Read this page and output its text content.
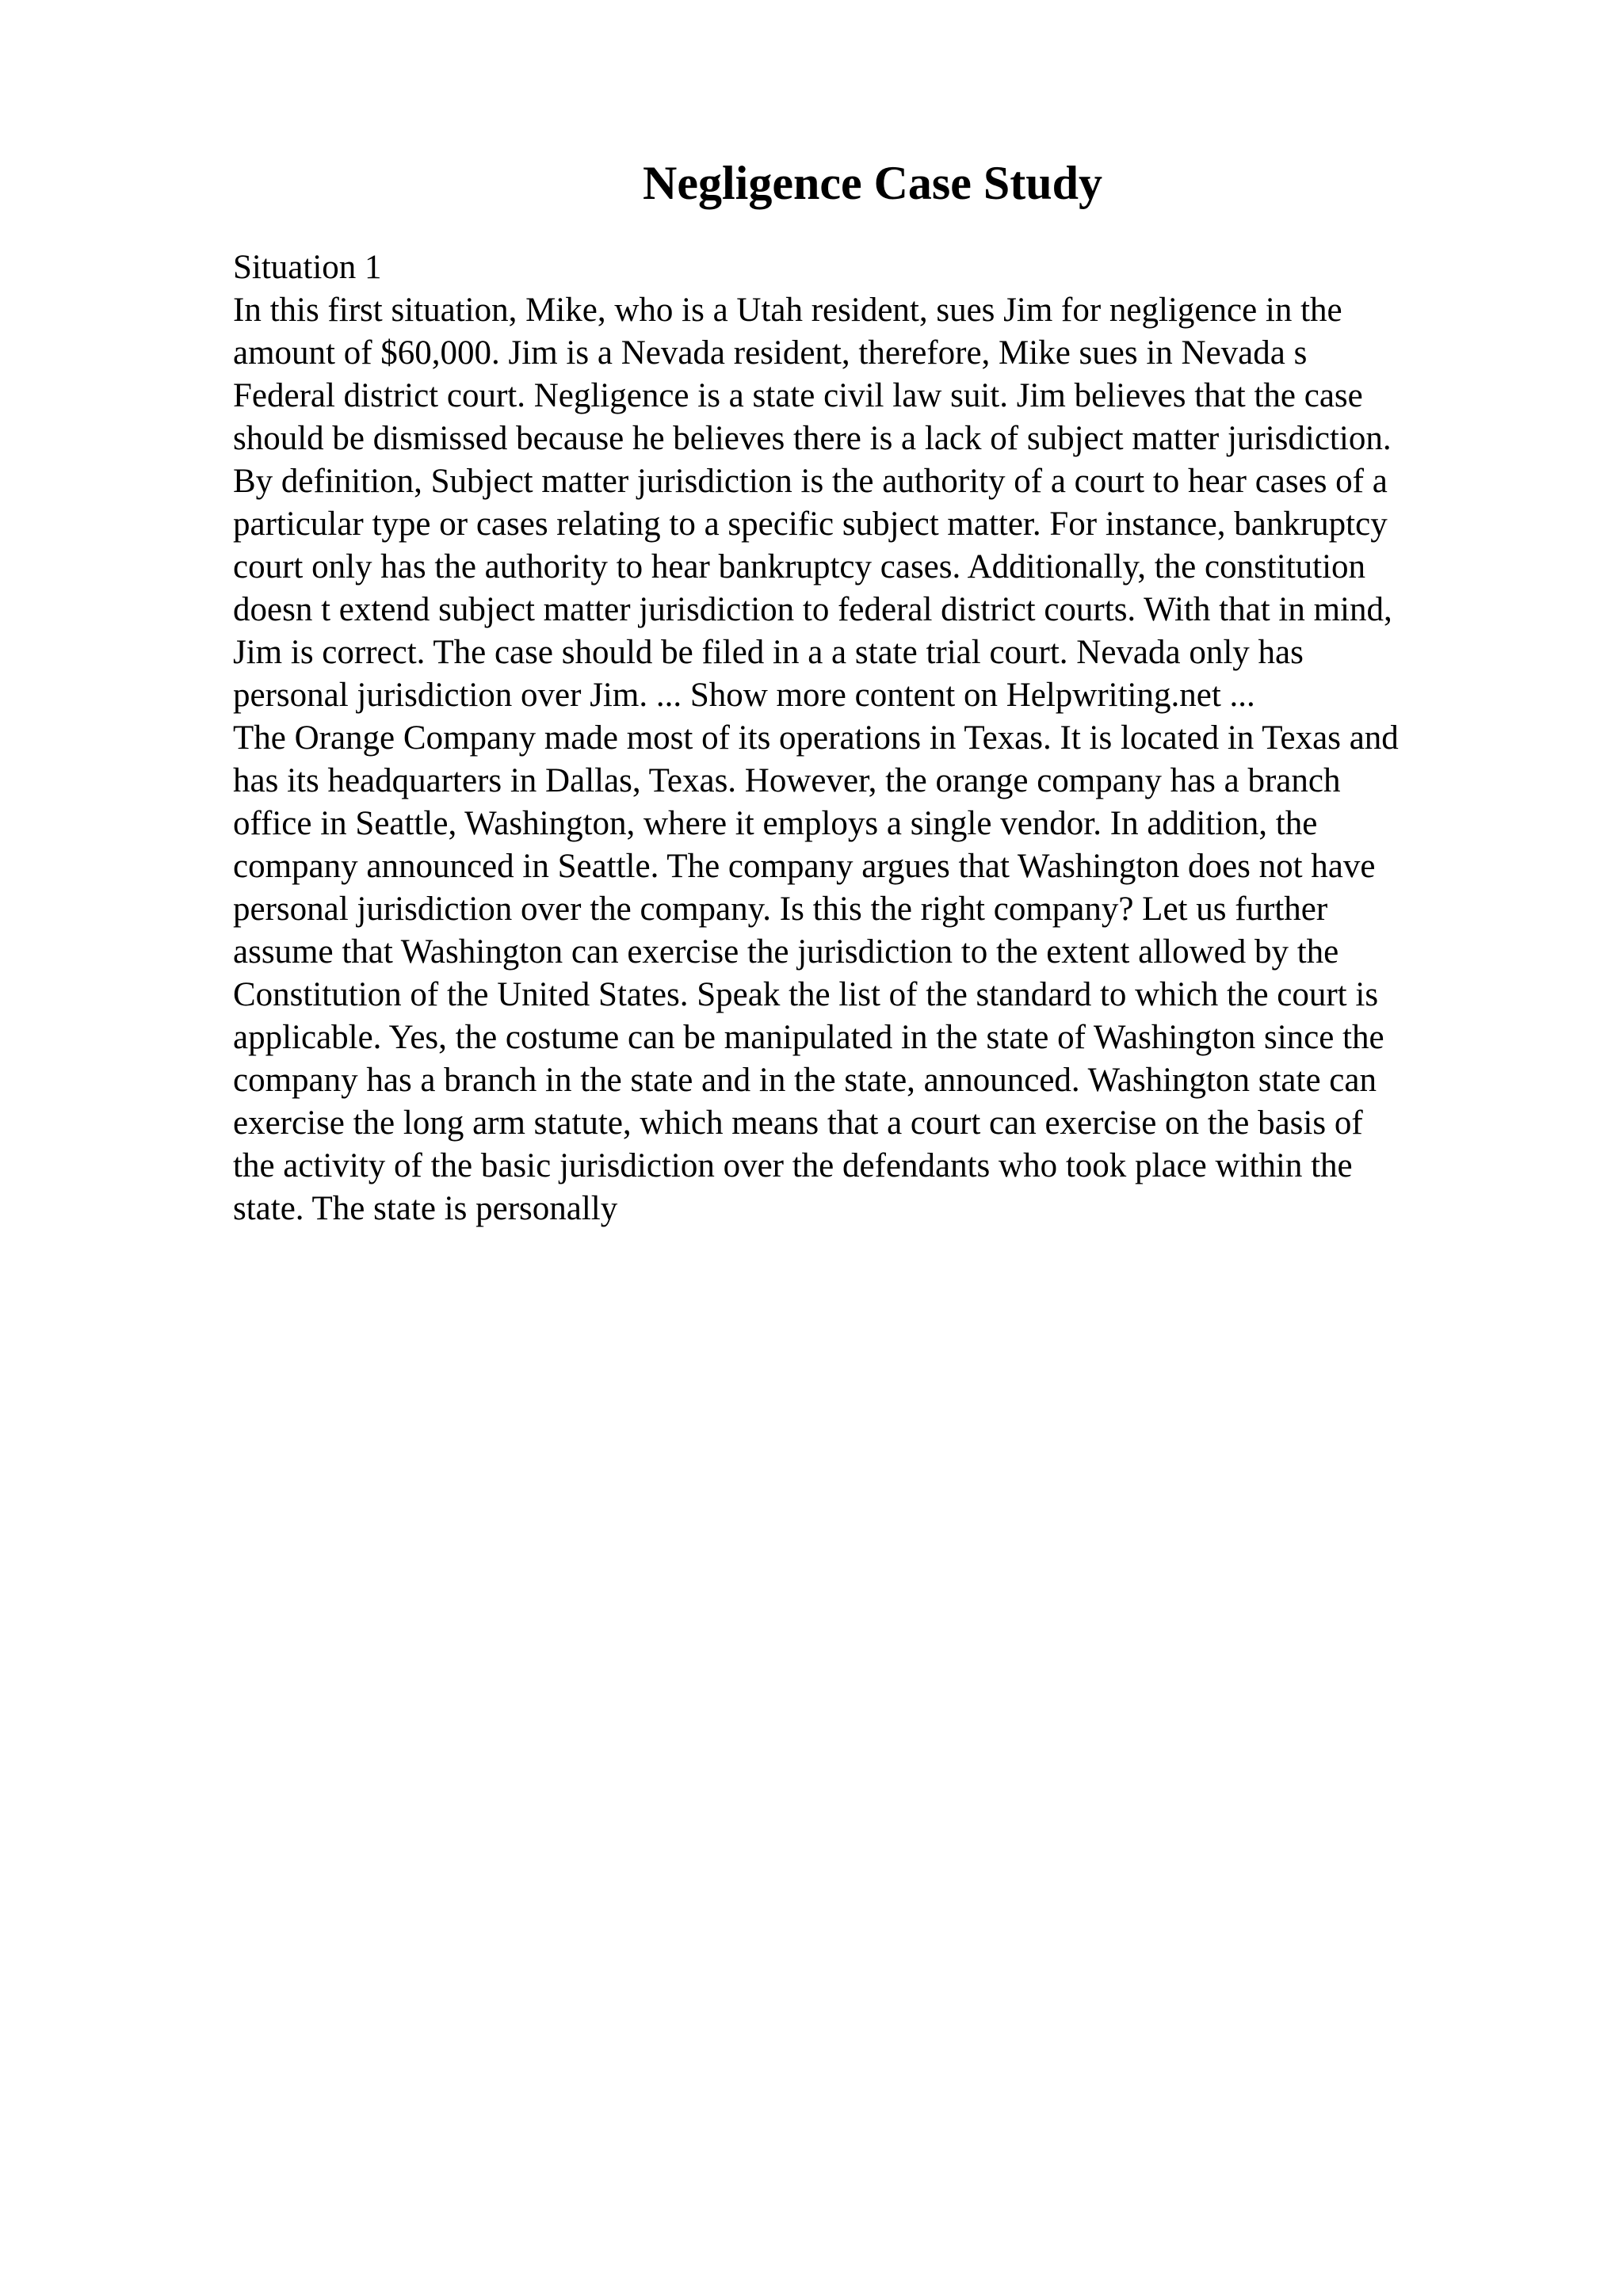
Negligence Case Study
Situation 1
In this first situation, Mike, who is a Utah resident, sues Jim for negligence in the
amount of $60,000. Jim is a Nevada resident, therefore, Mike sues in Nevada s
Federal district court. Negligence is a state civil law suit. Jim believes that the case
should be dismissed because he believes there is a lack of subject matter jurisdiction.
By definition, Subject matter jurisdiction is the authority of a court to hear cases of a
particular type or cases relating to a specific subject matter. For instance, bankruptcy
court only has the authority to hear bankruptcy cases. Additionally, the constitution
doesn t extend subject matter jurisdiction to federal district courts. With that in mind,
Jim is correct. The case should be filed in a a state trial court. Nevada only has
personal jurisdiction over Jim. ... Show more content on Helpwriting.net ...
The Orange Company made most of its operations in Texas. It is located in Texas and
has its headquarters in Dallas, Texas. However, the orange company has a branch
office in Seattle, Washington, where it employs a single vendor. In addition, the
company announced in Seattle. The company argues that Washington does not have
personal jurisdiction over the company. Is this the right company? Let us further
assume that Washington can exercise the jurisdiction to the extent allowed by the
Constitution of the United States. Speak the list of the standard to which the court is
applicable. Yes, the costume can be manipulated in the state of Washington since the
company has a branch in the state and in the state, announced. Washington state can
exercise the long arm statute, which means that a court can exercise on the basis of
the activity of the basic jurisdiction over the defendants who took place within the
state. The state is personally
